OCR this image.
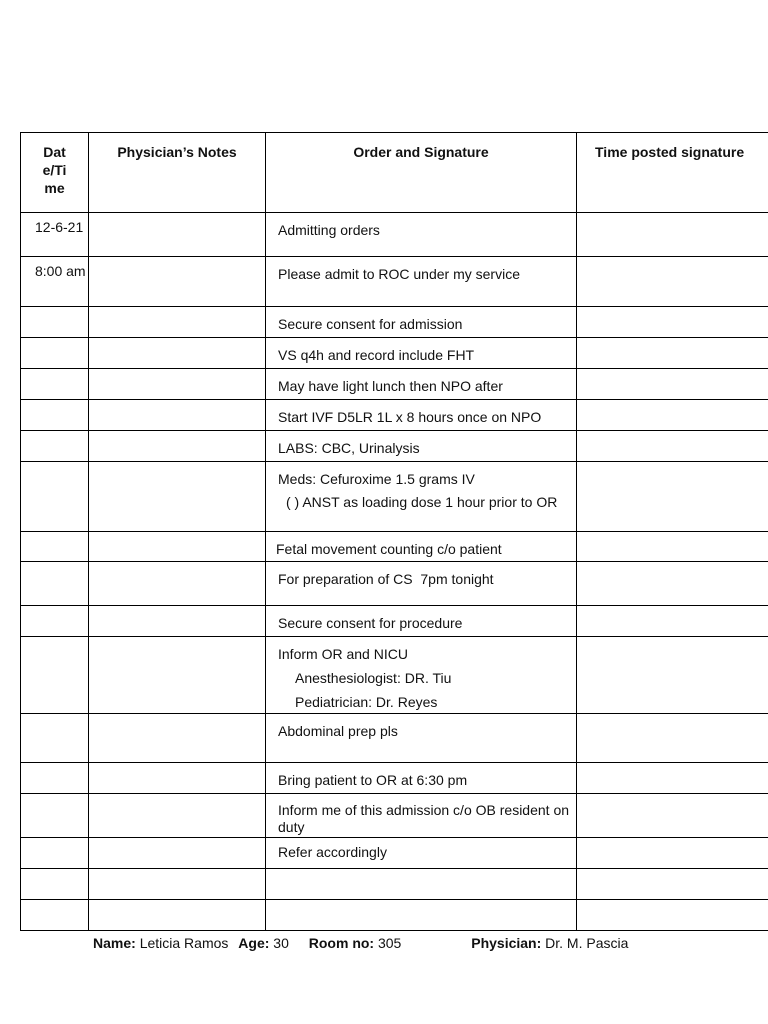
Date/Time	Physician’s Notes	Order and Signature	Time posted signature
12-6-21		Admitting orders	

8:00 am		Please admit to ROC under my service	

		Secure consent for admission	

		VS q4h and record include FHT	

		May have light lunch then NPO after	

		Start IVF D5LR 1L x 8 hours once on NPO	

		LABS: CBC, Urinalysis	

		Meds: Cefuroxime 1.5 grams IV
( ) ANST as loading dose 1 hour prior to OR	

		Fetal movement counting c/o patient	

		For preparation of CS  7pm tonight	

		Secure consent for procedure	

		Inform OR and NICU
Anesthesiologist: DR. Tiu
Pediatrician: Dr. Reyes	

		Abdominal prep pls	

		Bring patient to OR at 6:30 pm	

		Inform me of this admission c/o OB resident on duty	

		Refer accordingly	

Name: Leticia Ramos Age: 30 Room no: 305	Physician: Dr. M. Pascia
